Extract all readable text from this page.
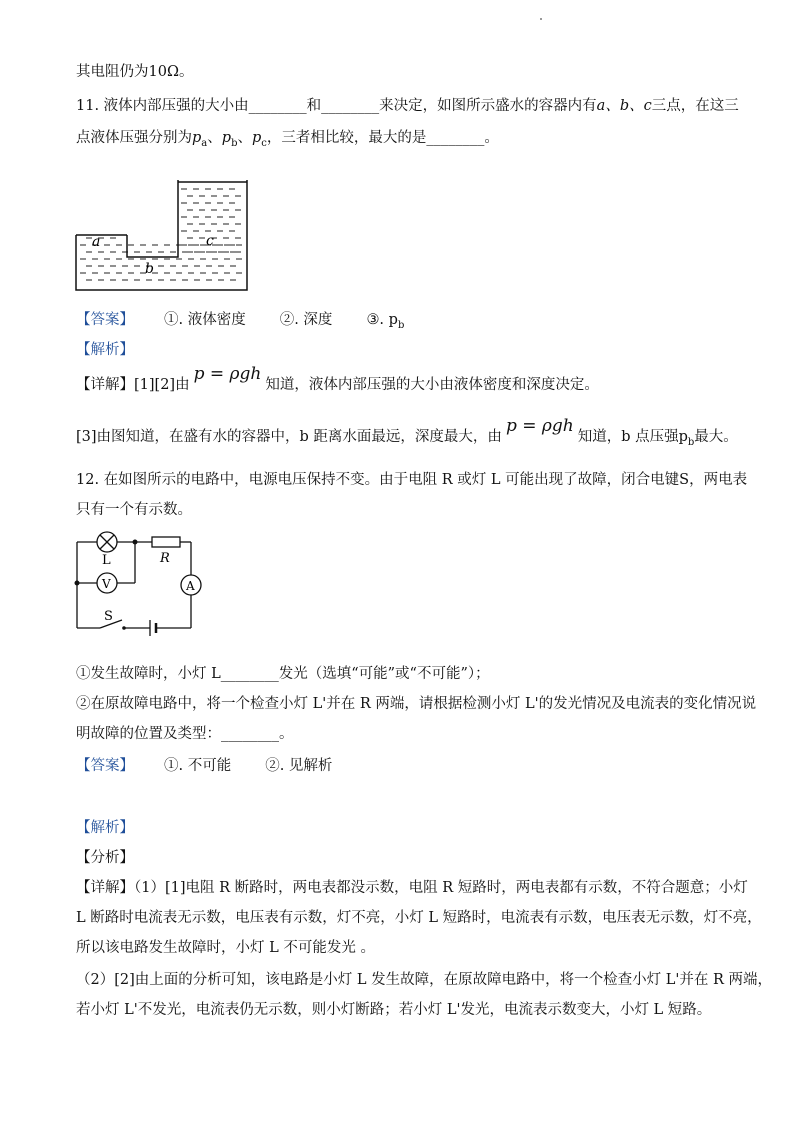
其电阻仍为10Ω。
11. 液体内部压强的大小由________和________来决定，如图所示盛水的容器内有a、b、c三点，在这三
点液体压强分别为$p_a$、$p_b$、$p_c$，三者相比较，最大的是________。
a
b
c
【答案】 ①. 液体密度 ②. 深度 ③. $p_b$
【解析】
【详解】[1][2]由p = ρgh知道，液体内部压强的大小由液体密度和深度决定。
[3]由图知道，在盛有水的容器中，b 距离水面最远，深度最大，由p = ρgh知道，b 点压强$p_b$最大。
12. 在如图所示的电路中，电源电压保持不变。由于电阻 R 或灯 L 可能出现了故障，闭合电键S，两电表
只有一个有示数。
L	R
V	A
S
①发生故障时，小灯 L________发光（选填“可能”或“不可能”）；
②在原故障电路中，将一个检查小灯 L'并在 R 两端，请根据检测小灯 L'的发光情况及电流表的变化情况说
明故障的位置及类型：________。
【答案】 ①. 不可能 ②. 见解析
【解析】
【分析】
【详解】（1）[1]电阻 R 断路时，两电表都没示数，电阻 R 短路时，两电表都有示数，不符合题意；小灯
L 断路时电流表无示数，电压表有示数，灯不亮，小灯 L 短路时，电流表有示数，电压表无示数，灯不亮，
所以该电路发生故障时，小灯 L 不可能发光 。
（2）[2]由上面的分析可知，该电路是小灯 L 发生故障，在原故障电路中，将一个检查小灯 L'并在 R 两端，
若小灯 L'不发光，电流表仍无示数，则小灯断路；若小灯 L'发光，电流表示数变大，小灯 L 短路。
